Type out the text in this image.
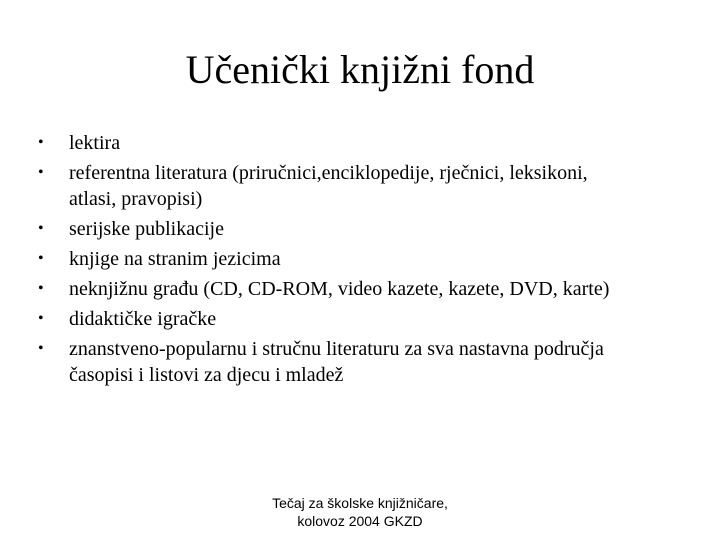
Učenički knjižni fond
•	lektira
•	referentna literatura (priručnici,enciklopedije, rječnici, leksikoni,
atlasi, pravopisi)
•	serijske publikacije
•	knjige na stranim jezicima
•	neknjižnu građu (CD, CD-ROM, video kazete, kazete, DVD, karte)
•	didaktičke igračke
•	znanstveno-popularnu i stručnu literaturu za sva nastavna područja
časopisi i listovi za djecu i mladež
Tečaj za školske knjižničare,
kolovoz 2004 GKZD
